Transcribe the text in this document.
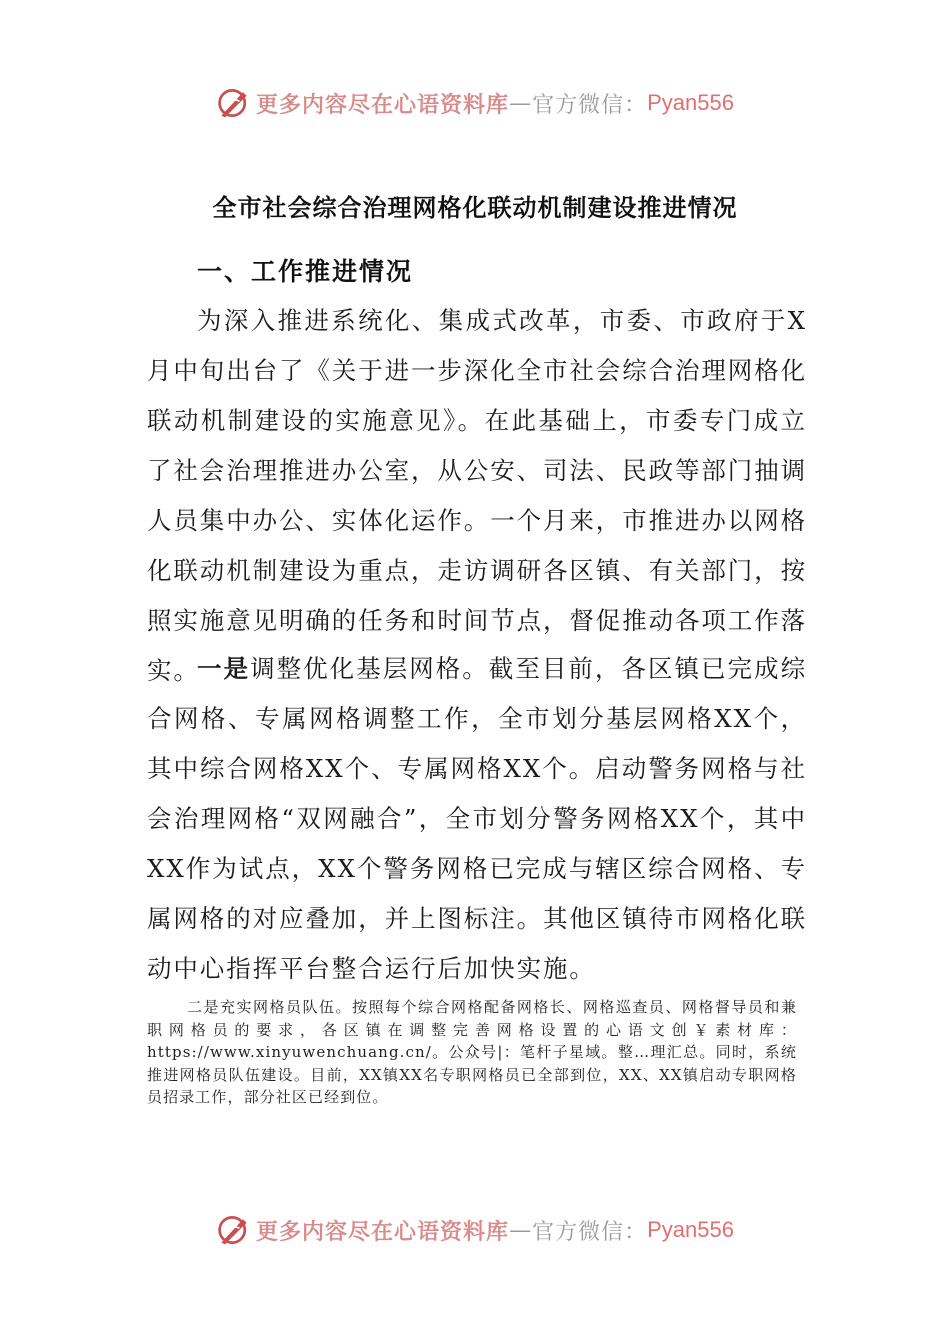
更多内容尽在心语资料库 — 官方微信： Pyan556
全市社会综合治理网格化联动机制建设推进情况
一、工作推进情况

为深入推进系统化、集成式改革，市委、市政府于X月中旬出台了《关于进一步深化全市社会综合治理网格化联动机制建设的实施意见》。在此基础上，市委专门成立了社会治理推进办公室，从公安、司法、民政等部门抽调人员集中办公、实体化运作。一个月来，市推进办以网格化联动机制建设为重点，走访调研各区镇、有关部门，按照实施意见明确的任务和时间节点，督促推动各项工作落实。

一是调整优化基层网格。截至目前，各区镇已完成综合网格、专属网格调整工作，全市划分基层网格XX个，其中综合网格XX个、专属网格XX个。启动警务网格与社会治理网格“双网融合”，全市划分警务网格XX个，其中XX作为试点，XX个警务网格已完成与辖区综合网格、专属网格的对应叠加，并上图标注。其他区镇待市网格化联动中心指挥平台整合运行后加快实施。

二是充实网格员队伍。按照每个综合网格配备网格长、网格巡查员、网格督导员和兼职网格员的要求，各区镇在调整完善网格设置的心语文创￥素材库：https://www.xinyuwenchuang.cn/。公众号|：笔杆子星域。整…理汇总。同时，系统推进网格员队伍建设。目前，XX镇XX名专职网格员已全部到位，XX、XX镇启动专职网格员招录工作，部分社区已经到位。

更多内容尽在心语资料库 — 官方微信： Pyan556
